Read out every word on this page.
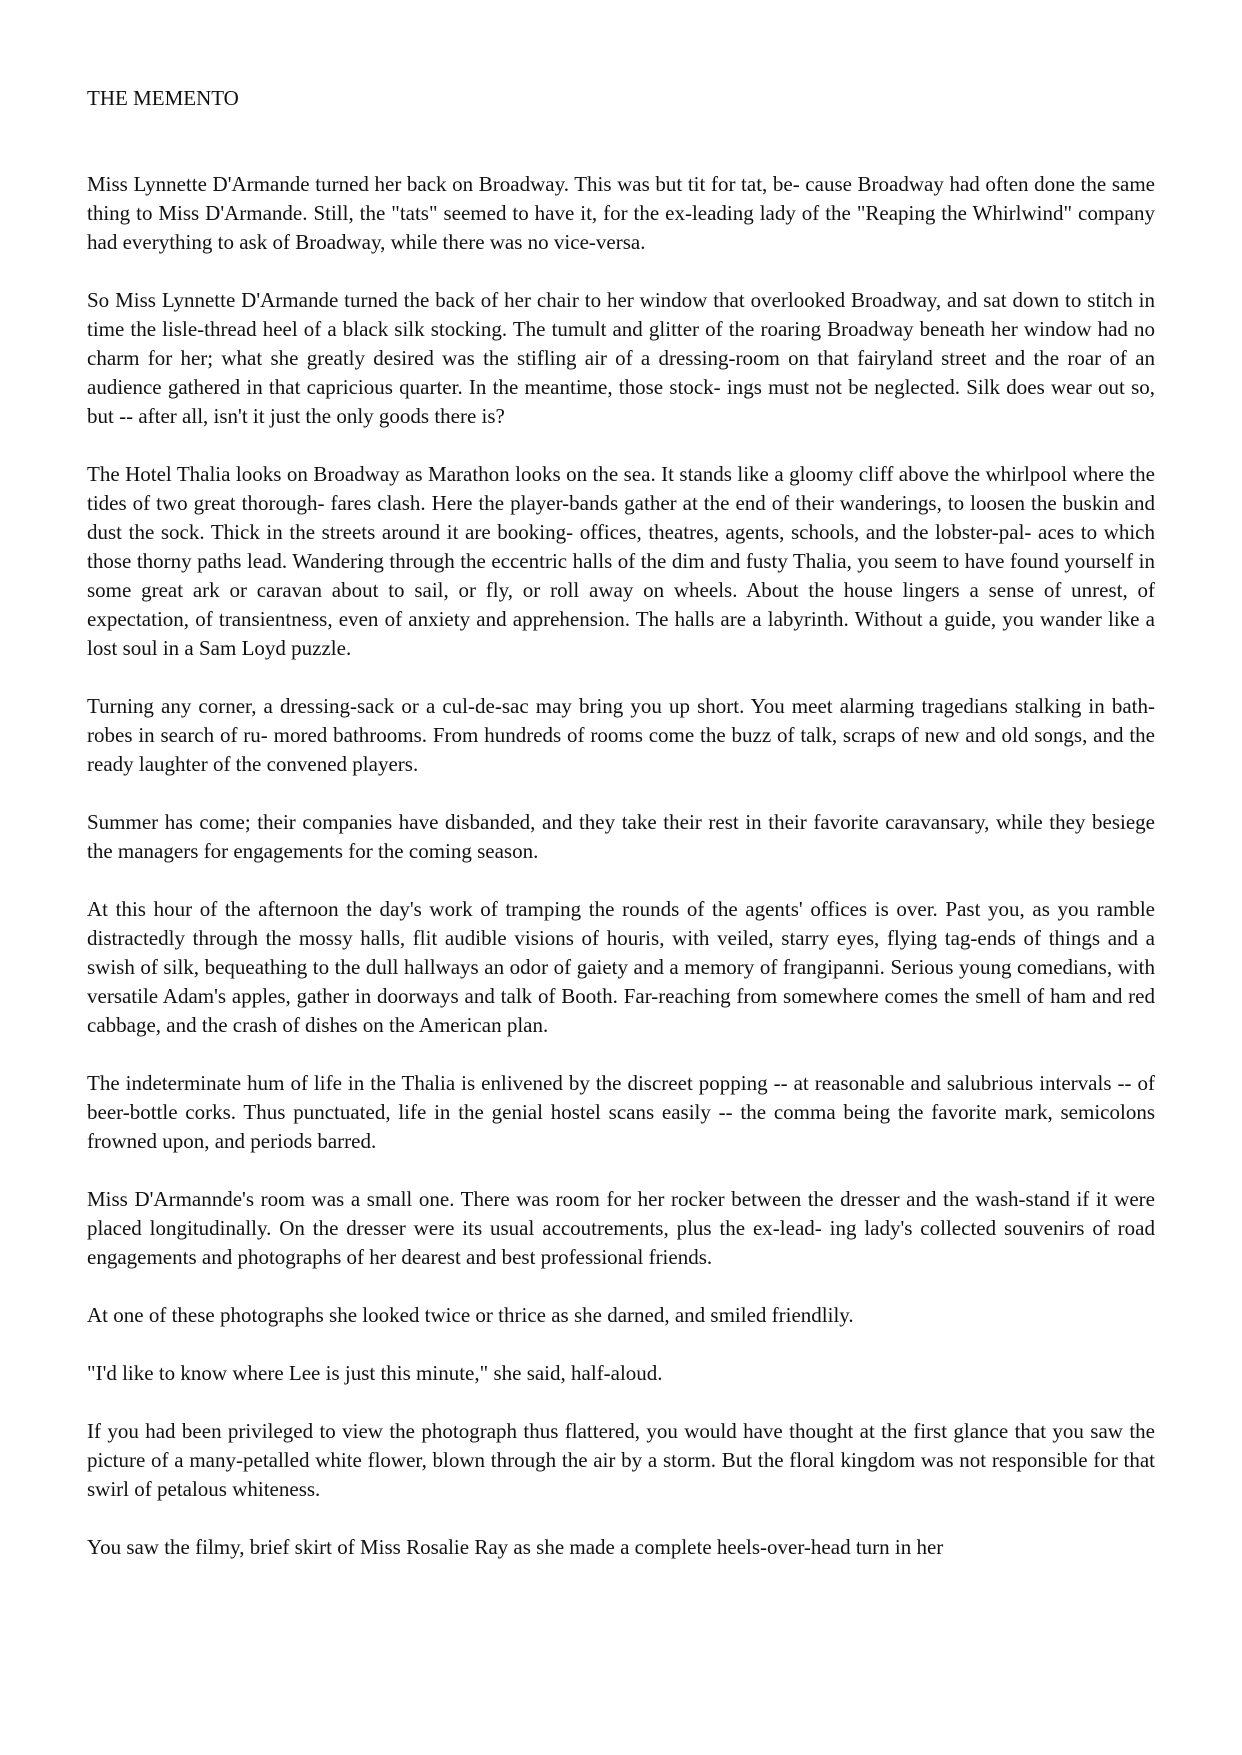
THE MEMENTO

Miss Lynnette D'Armande turned her back on Broadway. This was but tit for tat, be- cause Broadway had often done the same thing to Miss D'Armande. Still, the "tats" seemed to have it, for the ex-leading lady of the "Reaping the Whirlwind" company had everything to ask of Broadway, while there was no vice-versa.

So Miss Lynnette D'Armande turned the back of her chair to her window that overlooked Broadway, and sat down to stitch in time the lisle-thread heel of a black silk stocking. The tumult and glitter of the roaring Broadway beneath her window had no charm for her; what she greatly desired was the stifling air of a dressing-room on that fairyland street and the roar of an audience gathered in that capricious quarter. In the meantime, those stock- ings must not be neglected. Silk does wear out so, but -- after all, isn't it just the only goods there is?

The Hotel Thalia looks on Broadway as Marathon looks on the sea. It stands like a gloomy cliff above the whirlpool where the tides of two great thorough- fares clash. Here the player-bands gather at the end of their wanderings, to loosen the buskin and dust the sock. Thick in the streets around it are booking- offices, theatres, agents, schools, and the lobster-pal- aces to which those thorny paths lead. Wandering through the eccentric halls of the dim and fusty Thalia, you seem to have found yourself in some great ark or caravan about to sail, or fly, or roll away on wheels. About the house lingers a sense of unrest, of expectation, of transientness, even of anxiety and apprehension. The halls are a labyrinth. Without a guide, you wander like a lost soul in a Sam Loyd puzzle.

Turning any corner, a dressing-sack or a cul-de-sac may bring you up short. You meet alarming tragedians stalking in bath-robes in search of ru- mored bathrooms. From hundreds of rooms come the buzz of talk, scraps of new and old songs, and the ready laughter of the convened players.

Summer has come; their companies have disbanded, and they take their rest in their favorite caravansary, while they besiege the managers for engagements for the coming season.

At this hour of the afternoon the day's work of tramping the rounds of the agents' offices is over. Past you, as you ramble distractedly through the mossy halls, flit audible visions of houris, with veiled, starry eyes, flying tag-ends of things and a swish of silk, bequeathing to the dull hallways an odor of gaiety and a memory of frangipanni. Serious young comedians, with versatile Adam's apples, gather in doorways and talk of Booth. Far-reaching from somewhere comes the smell of ham and red cabbage, and the crash of dishes on the American plan.

The indeterminate hum of life in the Thalia is enlivened by the discreet popping -- at reasonable and salubrious intervals -- of beer-bottle corks. Thus punctuated, life in the genial hostel scans easily -- the comma being the favorite mark, semicolons frowned upon, and periods barred.

Miss D'Armannde's room was a small one. There was room for her rocker between the dresser and the wash-stand if it were placed longitudinally. On the dresser were its usual accoutrements, plus the ex-lead- ing lady's collected souvenirs of road engagements and photographs of her dearest and best professional friends.

At one of these photographs she looked twice or thrice as she darned, and smiled friendlily.

"I'd like to know where Lee is just this minute," she said, half-aloud.

If you had been privileged to view the photograph thus flattered, you would have thought at the first glance that you saw the picture of a many-petalled white flower, blown through the air by a storm. But the floral kingdom was not responsible for that swirl of petalous whiteness.

You saw the filmy, brief skirt of Miss Rosalie Ray as she made a complete heels-over-head turn in her
